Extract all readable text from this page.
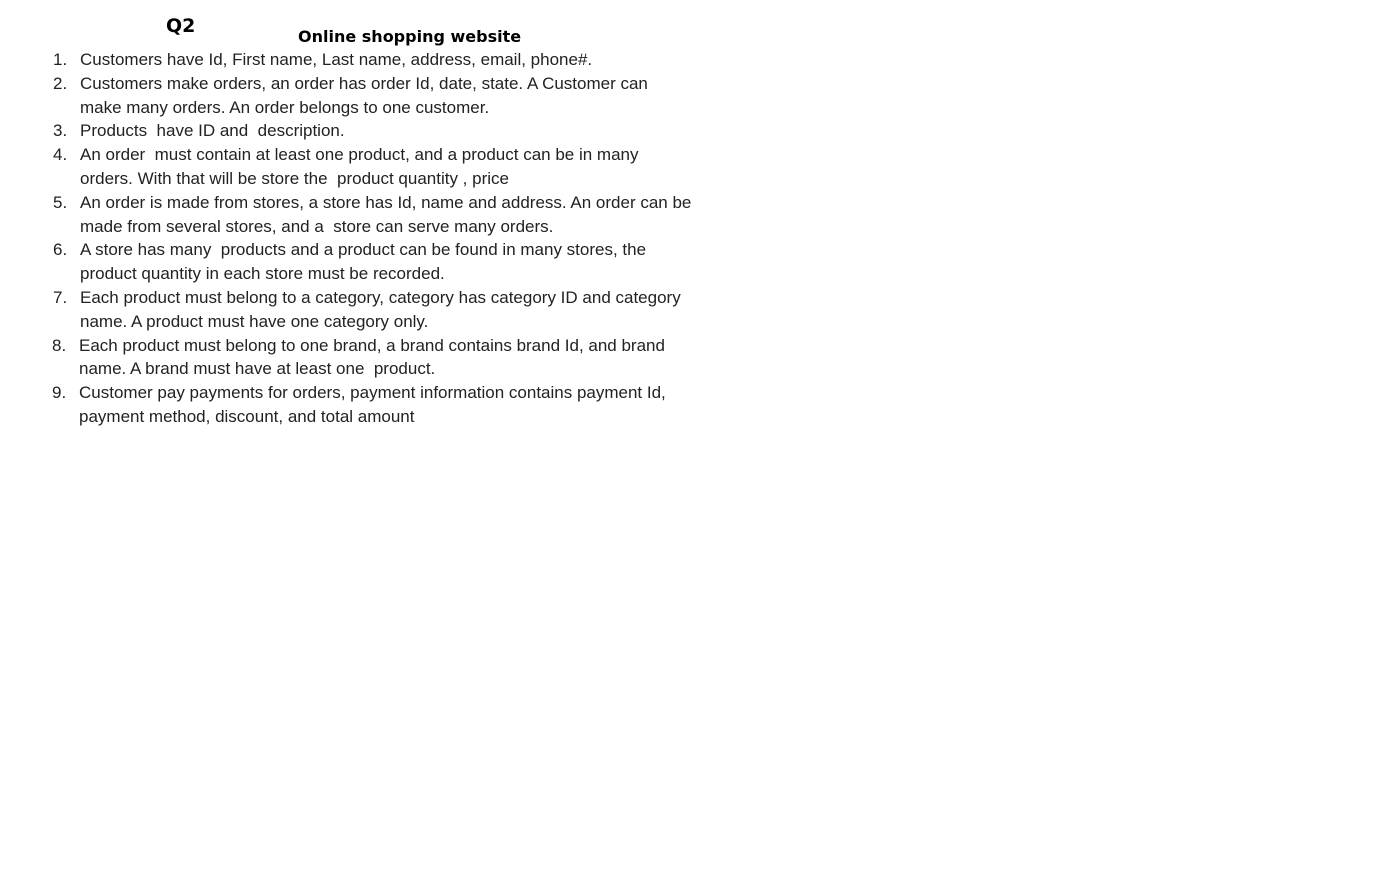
Q2	Online shopping website
1. Customers have Id, First name, Last name, address, email, phone#.
2. Customers make orders, an order has order Id, date, state. A Customer can make many orders. An order belongs to one customer.
3. Products  have ID and  description.
4. An order  must contain at least one product, and a product can be in many orders. With that will be store the  product quantity , price
5. An order is made from stores, a store has Id, name and address. An order can be made from several stores, and a  store can serve many orders.
6. A store has many  products and a product can be found in many stores, the product quantity in each store must be recorded.
7. Each product must belong to a category, category has category ID and category name. A product must have one category only.
8. Each product must belong to one brand, a brand contains brand Id, and brand name. A brand must have at least one  product.
9. Customer pay payments for orders, payment information contains payment Id, payment method, discount, and total amount
